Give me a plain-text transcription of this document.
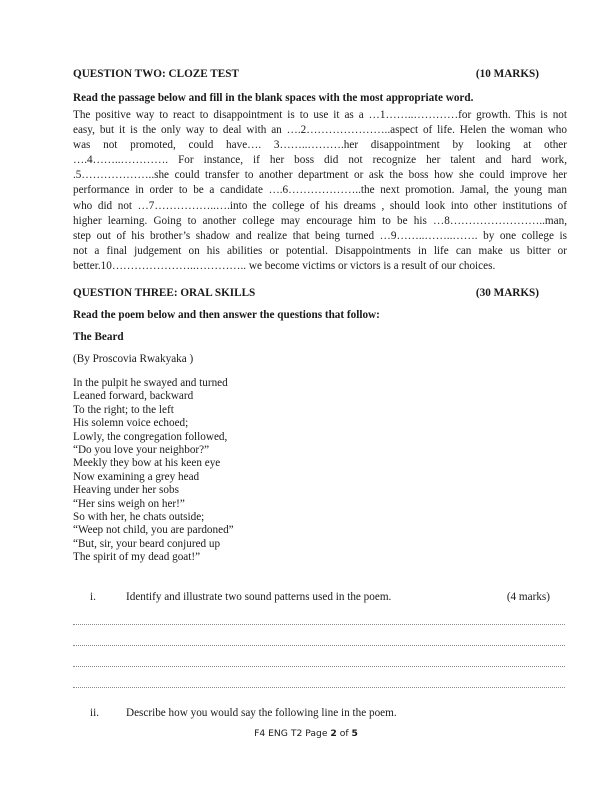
QUESTION TWO: CLOZE TEST	(10 MARKS)
Read the passage below and fill in the blank spaces with the most appropriate word.
The positive way to react to disappointment is to use it as a …1……..…………for growth. This is not
easy, but it is the only way to deal with an ….2…………………..aspect of life. Helen the woman who
was not promoted, could have…. 3……..……….her disappointment by looking at other
….4……..…………. For instance, if her boss did not recognize her talent and hard work,
.5………………..she could transfer to another department or ask the boss how she could improve her
performance in order to be a candidate ….6………………..the next promotion. Jamal, the young man
who did not …7……………..….into the college of his dreams , should look into other institutions of
higher learning. Going to another college may encourage him to be his …8……………………..man,
step out of his brother’s shadow and realize that being turned …9……..……..……. by one college is
not a final judgement on his abilities or potential. Disappointments in life can make us bitter or
better.10…………………..………….. we become victims or victors is a result of our choices.
QUESTION THREE: ORAL SKILLS	(30 MARKS)
Read the poem below and then answer the questions that follow:
The Beard
(By Proscovia Rwakyaka )
In the pulpit he swayed and turned
Leaned forward, backward
To the right; to the left
His solemn voice echoed;
Lowly, the congregation followed,
“Do you love your neighbor?”
Meekly they bow at his keen eye
Now examining a grey head
Heaving under her sobs
“Her sins weigh on her!”
So with her, he chats outside;
“Weep not child, you are pardoned”
“But, sir, your beard conjured up
The spirit of my dead goat!”
i.	Identify and illustrate two sound patterns used in the poem.	(4 marks)
ii.	Describe how you would say the following line in the poem.
F4 ENG T2 Page 2 of 5
